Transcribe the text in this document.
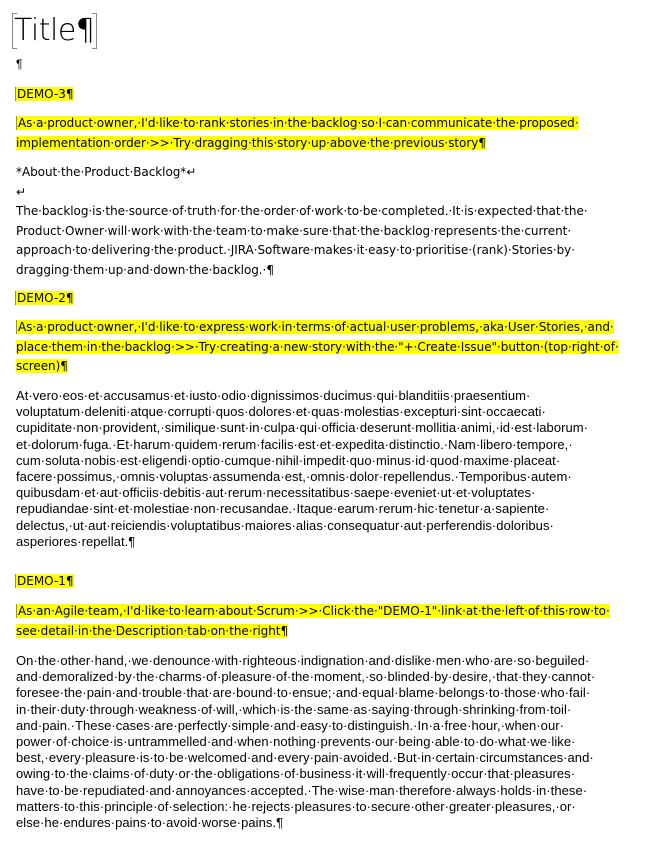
Title¶
¶
DEMO-3¶
As·a·product·owner,·I'd·like·to·rank·stories·in·the·backlog·so·I·can·communicate·the·proposed·
implementation·order·>>·Try·dragging·this·story·up·above·the·previous·story¶
*About·the·Product·Backlog*↵
↵
The·backlog·is·the·source·of·truth·for·the·order·of·work·to·be·completed.·It·is·expected·that·the·
Product·Owner·will·work·with·the·team·to·make·sure·that·the·backlog·represents·the·current·
approach·to·delivering·the·product.·JIRA·Software·makes·it·easy·to·prioritise·(rank)·Stories·by·
dragging·them·up·and·down·the·backlog.·¶
DEMO-2¶
As·a·product·owner,·I'd·like·to·express·work·in·terms·of·actual·user·problems,·aka·User·Stories,·and·
place·them·in·the·backlog·>>·Try·creating·a·new·story·with·the·"+·Create·Issue"·button·(top·right·of·
screen)¶
At·vero·eos·et·accusamus·et·iusto·odio·dignissimos·ducimus·qui·blanditiis·praesentium·
voluptatum·deleniti·atque·corrupti·quos·dolores·et·quas·molestias·excepturi·sint·occaecati·
cupiditate·non·provident,·similique·sunt·in·culpa·qui·officia·deserunt·mollitia·animi,·id·est·laborum·
et·dolorum·fuga.·Et·harum·quidem·rerum·facilis·est·et·expedita·distinctio.·Nam·libero·tempore,·
cum·soluta·nobis·est·eligendi·optio·cumque·nihil·impedit·quo·minus·id·quod·maxime·placeat·
facere·possimus,·omnis·voluptas·assumenda·est,·omnis·dolor·repellendus.·Temporibus·autem·
quibusdam·et·aut·officiis·debitis·aut·rerum·necessitatibus·saepe·eveniet·ut·et·voluptates·
repudiandae·sint·et·molestiae·non·recusandae.·Itaque·earum·rerum·hic·tenetur·a·sapiente·
delectus,·ut·aut·reiciendis·voluptatibus·maiores·alias·consequatur·aut·perferendis·doloribus·
asperiores·repellat.¶
DEMO-1¶
As·an·Agile·team,·I'd·like·to·learn·about·Scrum·>>·Click·the·"DEMO-1"·link·at·the·left·of·this·row·to·
see·detail·in·the·Description·tab·on·the·right¶
On·the·other·hand,·we·denounce·with·righteous·indignation·and·dislike·men·who·are·so·beguiled·
and·demoralized·by·the·charms·of·pleasure·of·the·moment,·so·blinded·by·desire,·that·they·cannot·
foresee·the·pain·and·trouble·that·are·bound·to·ensue;·and·equal·blame·belongs·to·those·who·fail·
in·their·duty·through·weakness·of·will,·which·is·the·same·as·saying·through·shrinking·from·toil·
and·pain.·These·cases·are·perfectly·simple·and·easy·to·distinguish.·In·a·free·hour,·when·our·
power·of·choice·is·untrammelled·and·when·nothing·prevents·our·being·able·to·do·what·we·like·
best,·every·pleasure·is·to·be·welcomed·and·every·pain·avoided.·But·in·certain·circumstances·and·
owing·to·the·claims·of·duty·or·the·obligations·of·business·it·will·frequently·occur·that·pleasures·
have·to·be·repudiated·and·annoyances·accepted.·The·wise·man·therefore·always·holds·in·these·
matters·to·this·principle·of·selection:·he·rejects·pleasures·to·secure·other·greater·pleasures,·or·
else·he·endures·pains·to·avoid·worse·pains.¶
